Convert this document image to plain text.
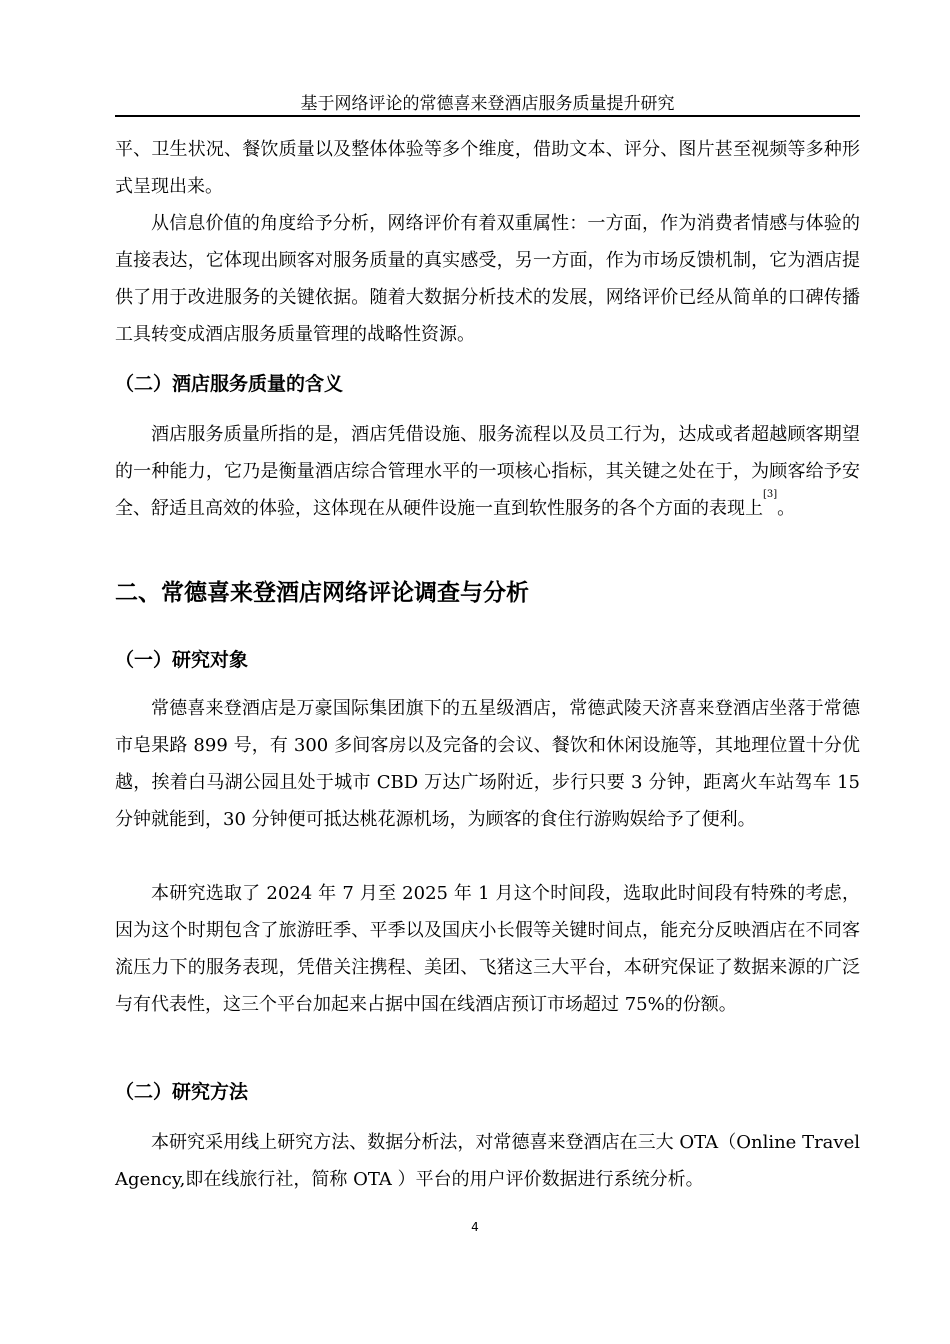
基于网络评论的常德喜来登酒店服务质量提升研究

平、卫生状况、餐饮质量以及整体体验等多个维度，借助文本、评分、图片甚至视频等多种形式呈现出来。

从信息价值的角度给予分析，网络评价有着双重属性：一方面，作为消费者情感与体验的直接表达，它体现出顾客对服务质量的真实感受，另一方面，作为市场反馈机制，它为酒店提供了用于改进服务的关键依据。随着大数据分析技术的发展，网络评价已经从简单的口碑传播工具转变成酒店服务质量管理的战略性资源。

（二）酒店服务质量的含义

酒店服务质量所指的是，酒店凭借设施、服务流程以及员工行为，达成或者超越顾客期望的一种能力，它乃是衡量酒店综合管理水平的一项核心指标，其关键之处在于，为顾客给予安全、舒适且高效的体验，这体现在从硬件设施一直到软性服务的各个方面的表现上[3]。

二、常德喜来登酒店网络评论调查与分析
（一）研究对象

常德喜来登酒店是万豪国际集团旗下的五星级酒店，常德武陵天济喜来登酒店坐落于常德市皂果路 899 号，有 300 多间客房以及完备的会议、餐饮和休闲设施等，其地理位置十分优越，挨着白马湖公园且处于城市 CBD 万达广场附近，步行只要 3 分钟，距离火车站驾车 15 分钟就能到，30 分钟便可抵达桃花源机场，为顾客的食住行游购娱给予了便利。

本研究选取了 2024 年 7 月至 2025 年 1 月这个时间段，选取此时间段有特殊的考虑，因为这个时期包含了旅游旺季、平季以及国庆小长假等关键时间点，能充分反映酒店在不同客流压力下的服务表现，凭借关注携程、美团、飞猪这三大平台，本研究保证了数据来源的广泛与有代表性，这三个平台加起来占据中国在线酒店预订市场超过 75%的份额。

（二）研究方法

本研究采用线上研究方法、数据分析法，对常德喜来登酒店在三大 OTA（Online Travel Agency,即在线旅行社，简称 OTA ）平台的用户评价数据进行系统分析。

4
